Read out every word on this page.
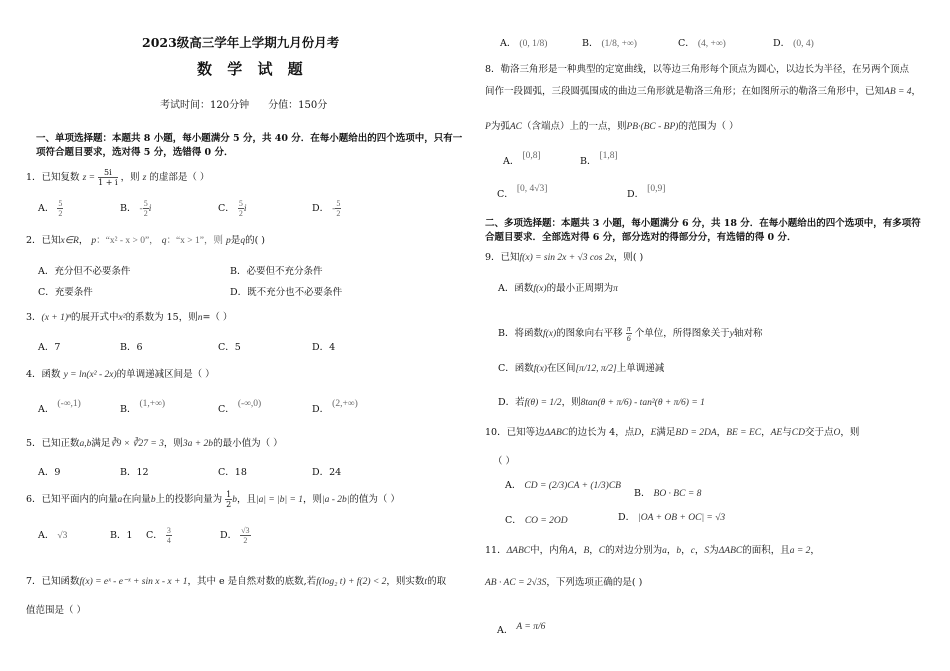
2023级高三学年上学期九月份月考
数 学 试 题
考试时间：120分钟      分值：150分
一、单项选择题：本题共 8 小题，每小题满分 5 分，共 40 分．在每小题给出的四个选项中，只有一
项符合题目要求，选对得 5 分，选错得 0 分．
1．已知复数 $z = \frac{5i}{1 + i}$ ，则 z 的虚部是（ ）
A． $\frac{5}{2}$	B． - $\frac{5}{2}$ i	C． $\frac{5}{2}$ i	D． - $\frac{5}{2}$
2．已知x∈R， p：“x² - x > 0”， q：“x > 1”，则 p是q的( )
A．充分但不必要条件	B．必要但不充分条件
C．充要条件	D．既不充分也不必要条件
3．(x + 1)ⁿ的展开式中x²的系数为 15，则n=（ ）
A．7	B．6	C．5	D．4
4．函数 y = ln(x² - 2x)的单调递减区间是（ ）
A． (-∞,1)	B． (1,+∞)	C． (-∞,0)	D． (2,+∞)
5．已知正数a,b满足∛9 × ∛27 = 3，则3a + 2b的最小值为（ ）
A．9	B．12	C．18	D．24
6．已知平面内的向量a在向量b上的投影向量为 $\frac{1}{2}$ b，且|a| = |b| = 1，则|a - 2b|的值为（ ）
A． √3	B．1 C． $\frac{3}{4}$	D． $\frac{√3}{2}$
7．已知函数f(x) = eˣ - e⁻ˣ + sin x - x + 1，其中 e 是自然对数的底数,若f(log₂ t) + f(2) < 2，则实数t的取
值范围是（ ）
A． (0, 1/8)	B． (1/8, +∞)	C． (4, +∞)	D． (0, 4)
8．勒洛三角形是一种典型的定宽曲线，以等边三角形每个顶点为圆心，以边长为半径，在另两个顶点
间作一段圆弧，三段圆弧围成的曲边三角形就是勒洛三角形；在如图所示的勒洛三角形中，已知AB = 4，
P为弧AC（含端点）上的一点，则PB·(BC - BP)的范围为（ ）
A． [0,8]	B． [1,8]
C． [0, 4√3]	D． [0,9]
二、多项选择题：本题共 3 小题，每小题满分 6 分，共 18 分．在每小题给出的四个选项中，有多项符
合题目要求．全部选对得 6 分，部分选对的得部分分，有选错的得 0 分．
9．已知f(x) = sin 2x + √3 cos 2x，则( )
A．函数f(x)的最小正周期为π
B．将函数f(x)的图象向右平移 $\frac{\pi}{6}$ 个单位，所得图象关于y轴对称
C．函数f(x)在区间[π/12, π/2]上单调递减
D．若f(θ) = 1/2，则8tan(θ + π/6) - tan²(θ + π/6) = 1
10．已知等边ΔABC的边长为 4，点D，E满足BD = 2DA，BE = EC，AE与CD交于点O，则
（ ）
A． CD = (2/3)CA + (1/3)CB
B． BO · BC = 8
C． CO = 2OD	D． |OA + OB + OC| = √3
11．ΔABC中，内角A，B，C的对边分别为a，b，c，S为ΔABC的面积，且a = 2，
AB · AC = 2√3S，下列选项正确的是( )
A． A = π/6
